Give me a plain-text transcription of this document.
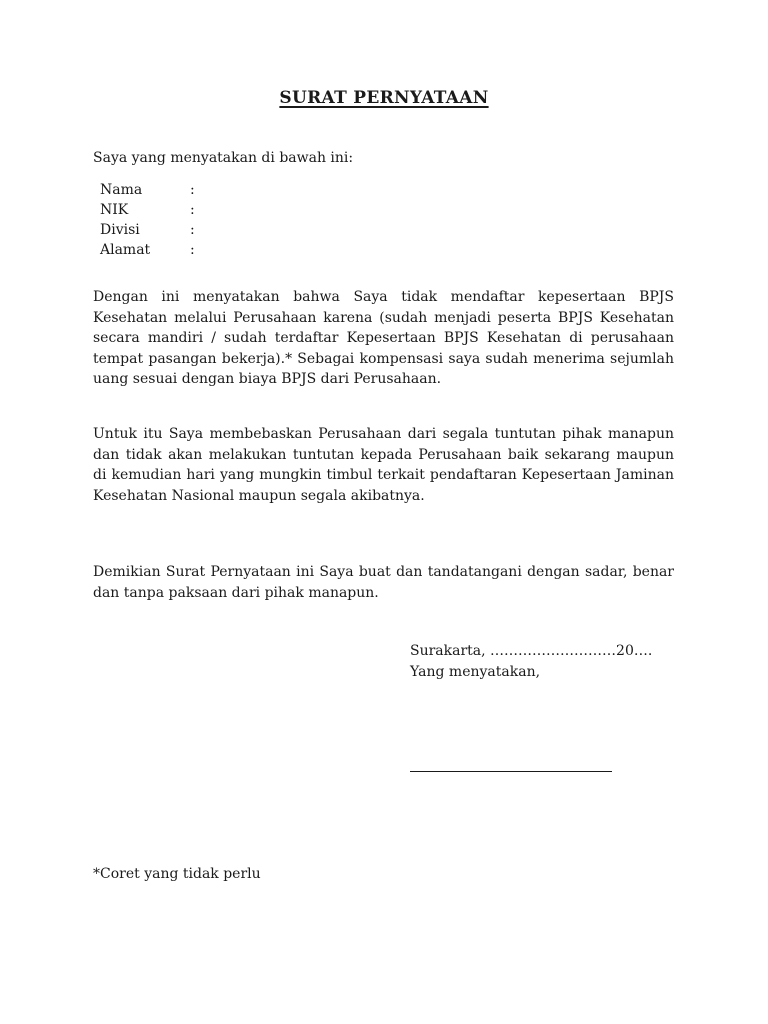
SURAT PERNYATAAN
Saya yang menyatakan di bawah ini:
Nama	:
NIK	:
Divisi	:
Alamat	:
Dengan ini menyatakan bahwa Saya tidak mendaftar kepesertaan BPJS Kesehatan melalui Perusahaan karena (sudah menjadi peserta BPJS Kesehatan secara mandiri / sudah terdaftar Kepesertaan BPJS Kesehatan di perusahaan tempat pasangan bekerja).* Sebagai kompensasi saya sudah menerima sejumlah uang sesuai dengan biaya BPJS dari Perusahaan.
Untuk itu Saya membebaskan Perusahaan dari segala tuntutan pihak manapun dan tidak akan melakukan tuntutan kepada Perusahaan baik sekarang maupun di kemudian hari yang mungkin timbul terkait pendaftaran Kepesertaan Jaminan Kesehatan Nasional maupun segala akibatnya.
Demikian Surat Pernyataan ini Saya buat dan tandatangani dengan sadar, benar dan tanpa paksaan dari pihak manapun.
Surakarta, ………………………20….
Yang menyatakan,
*Coret yang tidak perlu
